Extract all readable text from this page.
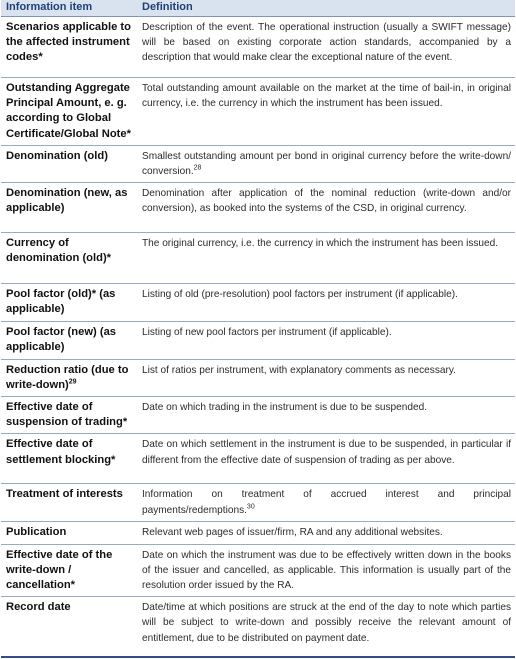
Information item	Definition
Scenarios applicable to the affected instrument codes*	Description of the event. The operational instruction (usually a SWIFT message) will be based on existing corporate action standards, accompanied by a description that would make clear the exceptional nature of the event.
Outstanding Aggregate Principal Amount, e. g. according to Global Certificate/Global Note*	Total outstanding amount available on the market at the time of bail-in, in original currency, i.e. the currency in which the instrument has been issued.
Denomination (old)	Smallest outstanding amount per bond in original currency before the write-down/ conversion.$^{28}$
Denomination (new, as applicable)	Denomination after application of the nominal reduction (write-down and/or conversion), as booked into the systems of the CSD, in original currency.
Currency of denomination (old)*	The original currency, i.e. the currency in which the instrument has been issued.
Pool factor (old)* (as applicable)	Listing of old (pre-resolution) pool factors per instrument (if applicable).
Pool factor (new) (as applicable)	Listing of new pool factors per instrument (if applicable).
Reduction ratio (due to write-down)$^{29}$	List of ratios per instrument, with explanatory comments as necessary.
Effective date of suspension of trading*	Date on which trading in the instrument is due to be suspended.
Effective date of settlement blocking*	Date on which settlement in the instrument is due to be suspended, in particular if different from the effective date of suspension of trading as per above.
Treatment of interests	Information on treatment of accrued interest and principal payments/redemptions.$^{30}$
Publication	Relevant web pages of issuer/firm, RA and any additional websites.
Effective date of the write-down / cancellation*	Date on which the instrument was due to be effectively written down in the books of the issuer and cancelled, as applicable. This information is usually part of the resolution order issued by the RA.
Record date	Date/time at which positions are struck at the end of the day to note which parties will be subject to write-down and possibly receive the relevant amount of entitlement, due to be distributed on payment date.
